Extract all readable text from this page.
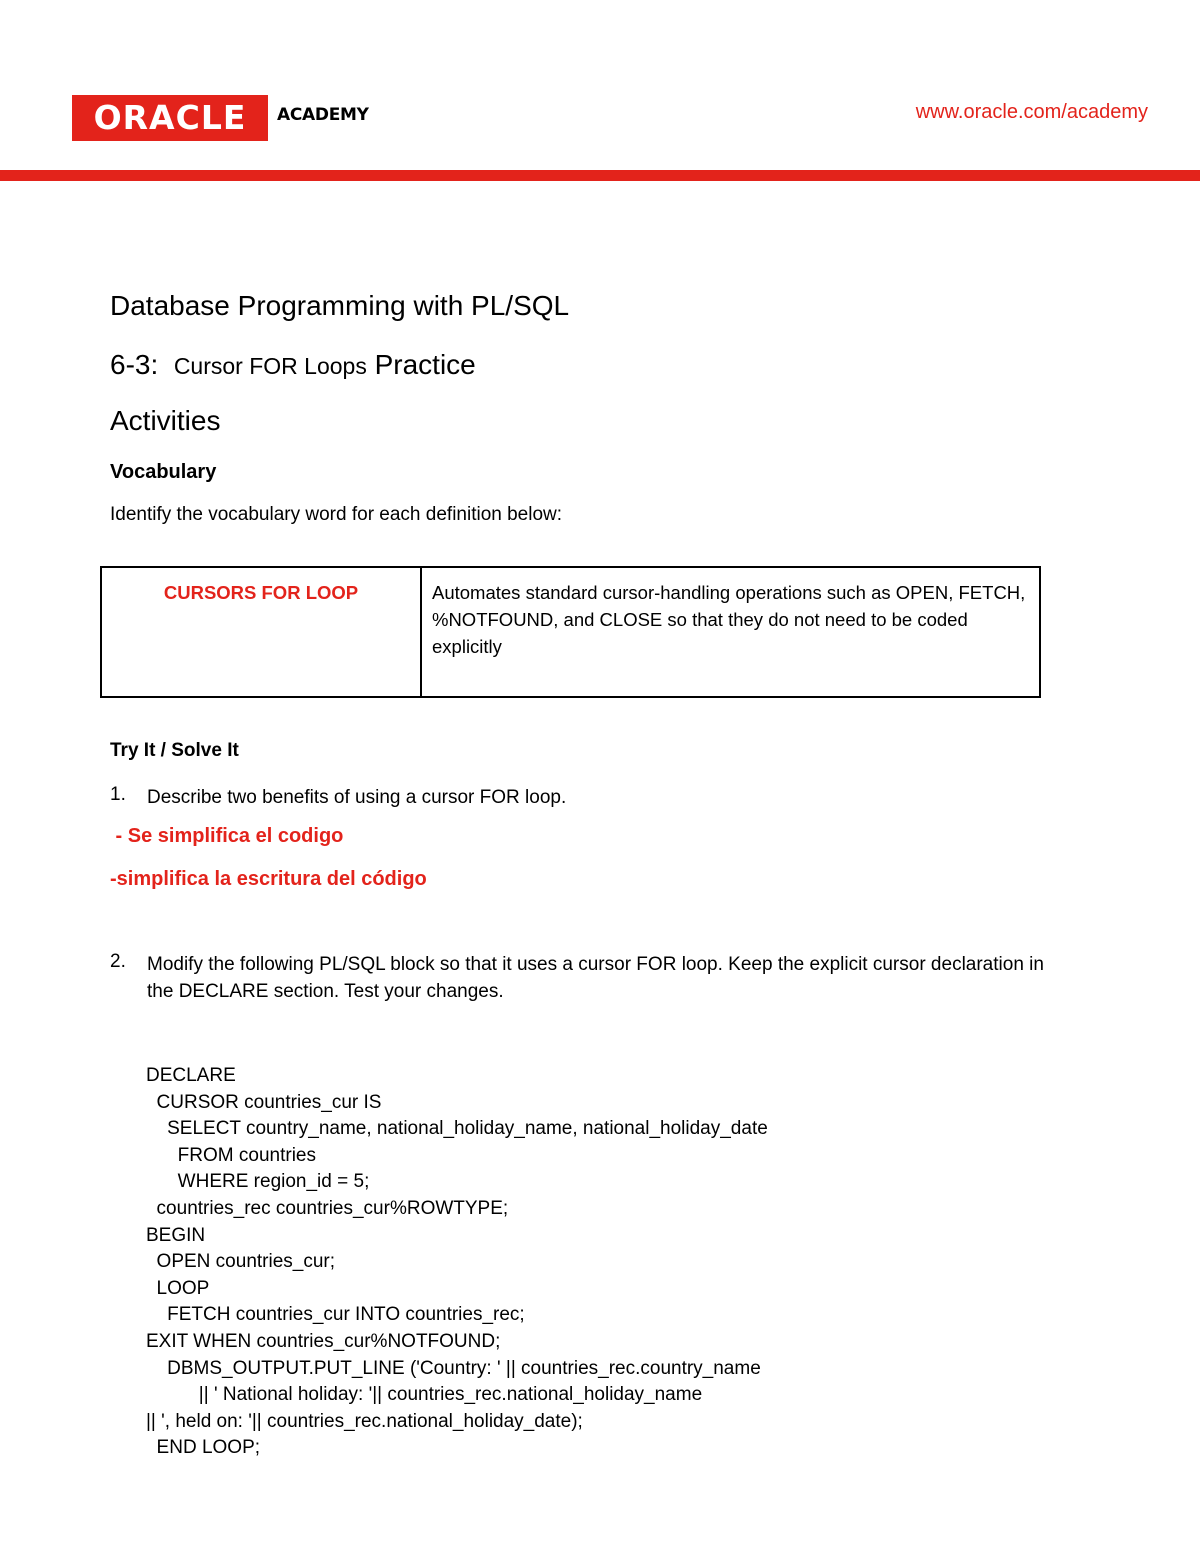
ORACLE	ACADEMY	www.oracle.com/academy
Database Programming with PL/SQL
6-3: Cursor FOR Loops Practice
Activities
Vocabulary

Identify the vocabulary word for each definition below:

CURSORS FOR LOOP	Automates standard cursor-handling operations such as OPEN, FETCH, %NOTFOUND, and CLOSE so that they do not need to be coded explicitly
Try It / Solve It
1. Describe two benefits of using a cursor FOR loop.

- Se simplifica el codigo

-simplifica la escritura del código

2. Modify the following PL/SQL block so that it uses a cursor FOR loop. Keep the explicit cursor declaration in the DECLARE section. Test your changes.

DECLARE
CURSOR countries_cur IS
SELECT country_name, national_holiday_name, national_holiday_date
FROM countries
WHERE region_id = 5;
countries_rec countries_cur%ROWTYPE;
BEGIN
OPEN countries_cur;
LOOP
FETCH countries_cur INTO countries_rec;
EXIT WHEN countries_cur%NOTFOUND;
DBMS_OUTPUT.PUT_LINE ('Country: ' || countries_rec.country_name
|| ' National holiday: '|| countries_rec.national_holiday_name
|| ', held on: '|| countries_rec.national_holiday_date);
END LOOP;
